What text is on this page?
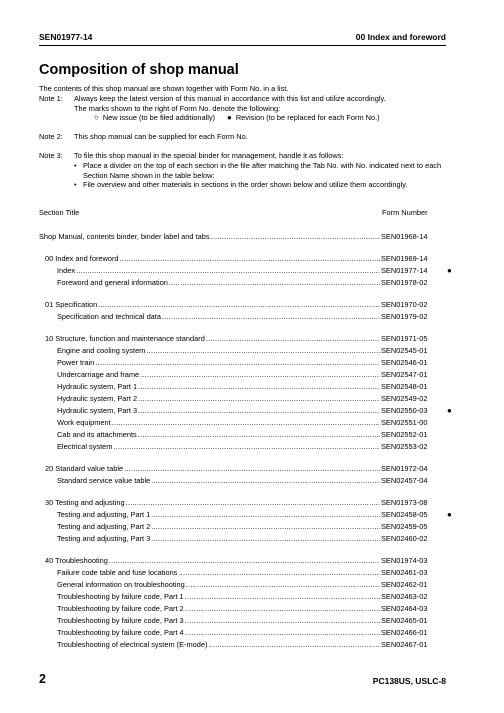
SEN01977-14	00 Index and foreword
Composition of shop manual

The contents of this shop manual are shown together with Form No. in a list.

Note 1:	Always keep the latest version of this manual in accordance with this list and utilize accordingly.
The marks shown to the right of Form No. denote the following:
○ New issue (to be filed additionally) ● Revision (to be replaced for each Form No.)
Note 2:	This shop manual can be supplied for each Form No.
Note 3:	To file this shop manual in the special binder for management, handle it as follows:
• Place a divider on the top of each section in the file after matching the Tab No. with No. indicated next to each Section Name shown in the table below:
• File overview and other materials in sections in the order shown below and utilize them accordingly.
Section Title	Form Number
Shop Manual, contents binder, binder label and tabs .....	SEN01968-14
00 Index and foreword .....	SEN01969-14
Index .....	SEN01977-14	●
Foreword and general information .....	SEN01978-02
01 Specification .....	SEN01970-02
Specification and technical data .....	SEN01979-02
10 Structure, function and maintenance standard .....	SEN01971-05
Engine and cooling system .....	SEN02545-01
Power train .....	SEN02546-01
Undercarriage and frame .....	SEN02547-01
Hydraulic system, Part 1 .....	SEN02548-01
Hydraulic system, Part 2 .....	SEN02549-02
Hydraulic system, Part 3 .....	SEN02550-03	●
Work equipment .....	SEN02551-00
Cab and its attachments .....	SEN02552-01
Electrical system .....	SEN02553-02
20 Standard value table .....	SEN01972-04
Standard service value table .....	SEN02457-04
30 Testing and adjusting .....	SEN01973-08
Testing and adjusting, Part 1 .....	SEN02458-05	●
Testing and adjusting, Part 2 .....	SEN02459-05
Testing and adjusting, Part 3 .....	SEN02460-02
40 Troubleshooting .....	SEN01974-03
Failure code table and fuse locations .....	SEN02461-03
General information on troubleshooting .....	SEN02462-01
Troubleshooting by failure code, Part 1 .....	SEN02463-02
Troubleshooting by failure code, Part 2 .....	SEN02464-03
Troubleshooting by failure code, Part 3 .....	SEN02465-01
Troubleshooting by failure code, Part 4 .....	SEN02466-01
Troubleshooting of electrical system (E-mode) .....	SEN02467-01
2	PC138US, USLC-8
